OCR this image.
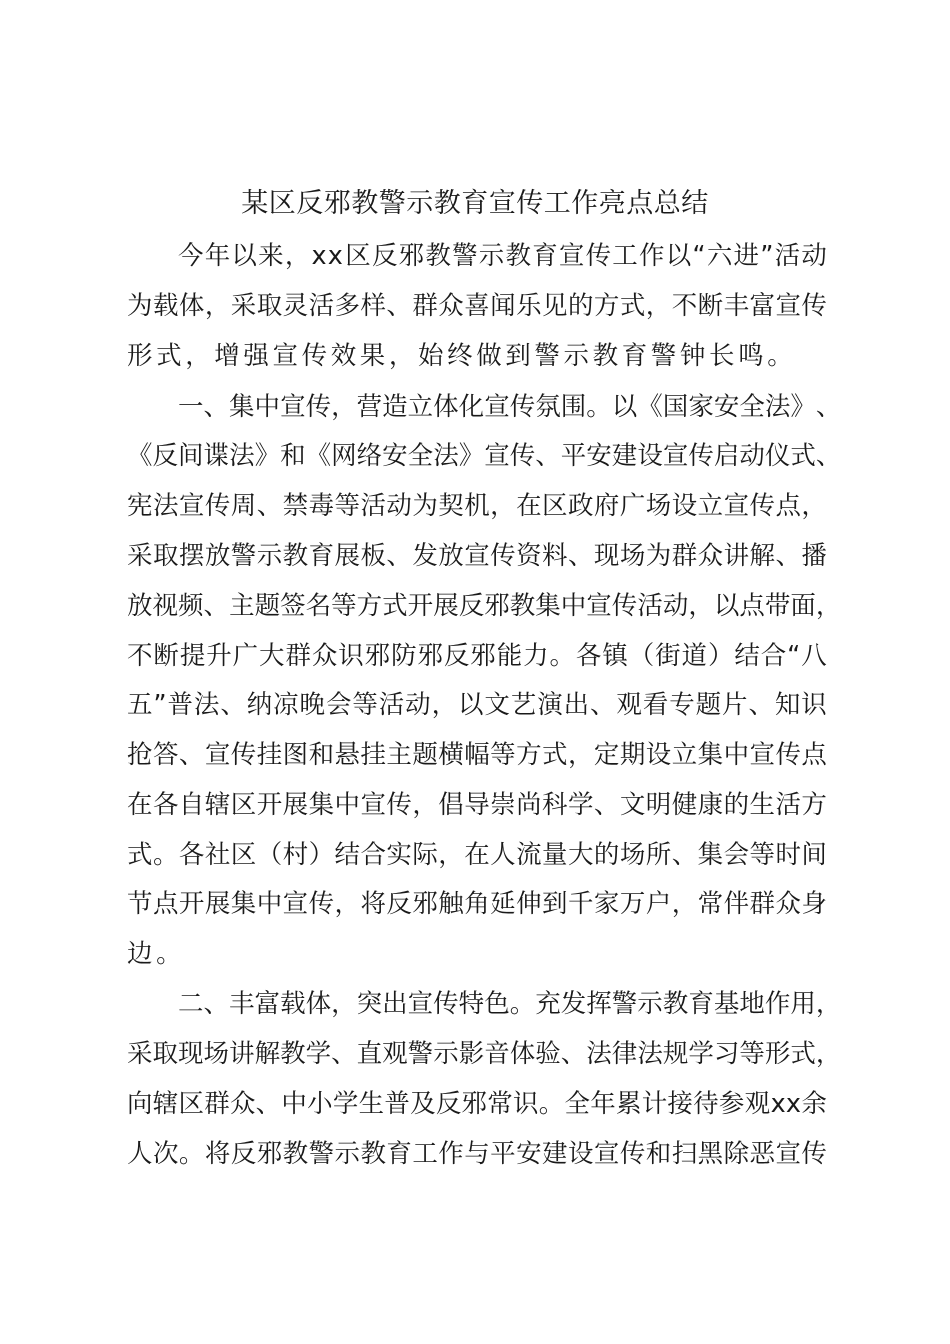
某区反邪教警示教育宣传工作亮点总结
今 年 以 来 ， x x 区 反 邪 教 警 示 教 育 宣 传 工 作 以 “ 六 进 ” 活 动
为 载 体 ， 采 取 灵 活 多 样 、 群 众 喜 闻 乐 见 的 方 式 ， 不 断 丰 富 宣 传
形式，增强宣传效果，始终做到警示教育警钟长鸣。
一 、 集 中 宣 传 ， 营 造 立 体 化 宣 传 氛 围 。 以 《 国 家 安 全 法 》 、
《 反 间 谍 法 》 和 《 网 络 安 全 法 》 宣 传 、 平 安 建 设 宣 传 启 动 仪 式 、
宪 法 宣 传 周 、 禁 毒 等 活 动 为 契 机 ， 在 区 政 府 广 场 设 立 宣 传 点 ，
采 取 摆 放 警 示 教 育 展 板 、 发 放 宣 传 资 料 、 现 场 为 群 众 讲 解 、 播
放 视 频 、 主 题 签 名 等 方 式 开 展 反 邪 教 集 中 宣 传 活 动 ， 以 点 带 面 ，
不 断 提 升 广 大 群 众 识 邪 防 邪 反 邪 能 力 。 各 镇 （ 街 道 ） 结 合 “ 八
五 ” 普 法 、 纳 凉 晚 会 等 活 动 ， 以 文 艺 演 出 、 观 看 专 题 片 、 知 识
抢 答 、 宣 传 挂 图 和 悬 挂 主 题 横 幅 等 方 式 ， 定 期 设 立 集 中 宣 传 点
在 各 自 辖 区 开 展 集 中 宣 传 ， 倡 导 崇 尚 科 学 、 文 明 健 康 的 生 活 方
式 。 各 社 区 （ 村 ） 结 合 实 际 ， 在 人 流 量 大 的 场 所 、 集 会 等 时 间
节 点 开 展 集 中 宣 传 ， 将 反 邪 触 角 延 伸 到 千 家 万 户 ， 常 伴 群 众 身
边。
二 、 丰 富 载 体 ， 突 出 宣 传 特 色 。 充 发 挥 警 示 教 育 基 地 作 用 ，
采 取 现 场 讲 解 教 学 、 直 观 警 示 影 音 体 验 、 法 律 法 规 学 习 等 形 式 ，
向 辖 区 群 众 、 中 小 学 生 普 及 反 邪 常 识 。 全 年 累 计 接 待 参 观 x x 余
人 次 。 将 反 邪 教 警 示 教 育 工 作 与 平 安 建 设 宣 传 和 扫 黑 除 恶 宣 传
